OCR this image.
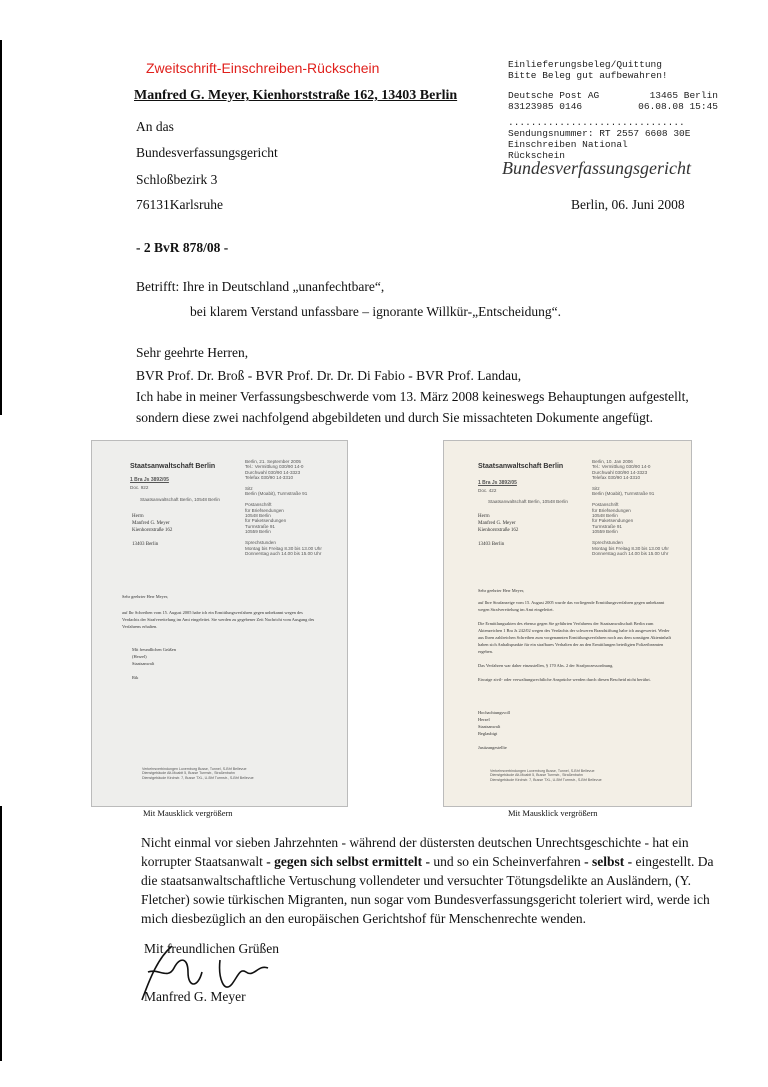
Zweitschrift-Einschreiben-Rückschein
Manfred G. Meyer, Kienhorststraße 162, 13403 Berlin
An das
Bundesverfassungsgericht
Schloßbezirk 3
76131Karlsruhe
Einlieferungsbeleg/Quittung
Bitte Beleg gut aufbewahren!
Deutsche Post AG	13465 Berlin
83123985 0146	06.08.08 15:45
...............................
Sendungsnummer: RT 2557 6608 30E
Einschreiben National
Rückschein
Bundesverfassungsgericht
Berlin, 06. Juni 2008
- 2 BvR 878/08 -
Betrifft: Ihre in Deutschland „unanfechtbare“,
bei klarem Verstand unfassbare – ignorante Willkür-„Entscheidung“.
Sehr geehrte Herren,
BVR Prof. Dr. Broß - BVR Prof. Dr. Dr. Di Fabio - BVR Prof. Landau,
Ich habe in meiner Verfassungsbeschwerde vom 13. März 2008 keineswegs Behauptungen aufgestellt,
sondern diese zwei nachfolgend abgebildeten und durch Sie missachteten Dokumente angefügt.
Staatsanwaltschaft Berlin
1 Bra Js 3892/05
Doc. 922
Staatsanwaltschaft Berlin, 10548 Berlin
Berlin, 21. September 2005
Tel.: Vermittlung 030/90 14-0
Durchwahl 030/90 14-3323
Telefax 030/90 14-3310

Sitz
Berlin (Moabit), Turmstraße 91

Postanschrift
für Briefsendungen
10548 Berlin
für Paketsendungen
Turmstraße 91
10559 Berlin

Sprechstunden
Montag bis Freitag 8.30 bis 13.00 Uhr
Donnerstag auch 14.00 bis 15.00 Uhr
Herrn
Manfred G. Meyer
Kienhorststraße 162

13403 Berlin
Sehr geehrter Herr Meyer,
auf Ihr Schreiben vom 15. August 2005 habe ich ein Ermittlungsverfahren gegen unbekannt wegen des Verdachts der Strafvereitelung im Amt eingeleitet. Sie werden zu gegebener Zeit Nachricht vom Ausgang des Verfahrens erhalten.
Mit freundlichen Grüßen
(Herzel)
Staatsanwalt

Rik
Verkehrsverbindungen Luxemburg Busse, Tunnel, S-Bhf Bellevue
Dienstgebäude Alt-Moabit 5, Busse Turmstr., Straßenbahn
Dienstgebäude Kirchstr. 7, Busse TXL, U-Bhf Turmstr., S-Bhf Bellevue
Staatsanwaltschaft Berlin
1 Bra Js 3892/05
Doc. 422
Staatsanwaltschaft Berlin, 10548 Berlin
Berlin, 10. Jan 2006
Tel.: Vermittlung 030/90 14-0
Durchwahl 030/90 14-3323
Telefax 030/90 14-3310

Sitz
Berlin (Moabit), Turmstraße 91

Postanschrift
für Briefsendungen
10548 Berlin
für Paketsendungen
Turmstraße 91
10559 Berlin

Sprechstunden
Montag bis Freitag 8.30 bis 13.00 Uhr
Donnerstag auch 14.00 bis 15.00 Uhr
Herrn
Manfred G. Meyer
Kienhorststraße 162

13403 Berlin
Sehr geehrter Herr Meyer,
auf Ihre Strafanzeige vom 15. August 2005 wurde das vorliegende Ermittlungsverfahren gegen unbekannt wegen Strafvereitelung im Amt eingeleitet.

Die Ermittlungsakten des ebenso gegen Sie geführten Verfahrens der Staatsanwaltschaft Berlin zum Aktenzeichen 1 Bra Js 242/02 wegen des Verdachts der schweren Brandstiftung habe ich ausgewertet. Weder aus Ihren zahlreichen Schreiben zum vorgenannten Ermittlungsverfahren noch aus dem sonstigen Akteninhalt haben sich Anhaltspunkte für ein strafbares Verhalten der an den Ermittlungen beteiligten Polizeibeamten ergeben.

Das Verfahren war daher einzustellen, § 170 Abs. 2 der Strafprozessordnung.

Etwaige zivil- oder verwaltungsrechtliche Ansprüche werden durch diesen Bescheid nicht berührt.
Hochachtungsvoll
Herzel
Staatsanwalt
Beglaubigt

Justizangestellte
Verkehrsverbindungen Luxemburg Busse, Tunnel, S-Bhf Bellevue
Dienstgebäude Alt-Moabit 5, Busse Turmstr., Straßenbahn
Dienstgebäude Kirchstr. 7, Busse TXL, U-Bhf Turmstr., S-Bhf Bellevue
Mit Mausklick vergrößern	Mit Mausklick vergrößern
Nicht einmal vor sieben Jahrzehnten - während der düstersten deutschen Unrechtsgeschichte - hat ein korrupter Staatsanwalt - gegen sich selbst ermittelt - und so ein Scheinverfahren - selbst - eingestellt. Da die staatsanwaltschaftliche Vertuschung vollendeter und versuchter Tötungsdelikte an Ausländern, (Y. Fletcher) sowie türkischen Migranten, nun sogar vom Bundesverfassungsgericht toleriert wird, werde ich mich diesbezüglich an den europäischen Gerichtshof für Menschenrechte wenden.
Mit freundlichen Grüßen
Manfred G. Meyer
